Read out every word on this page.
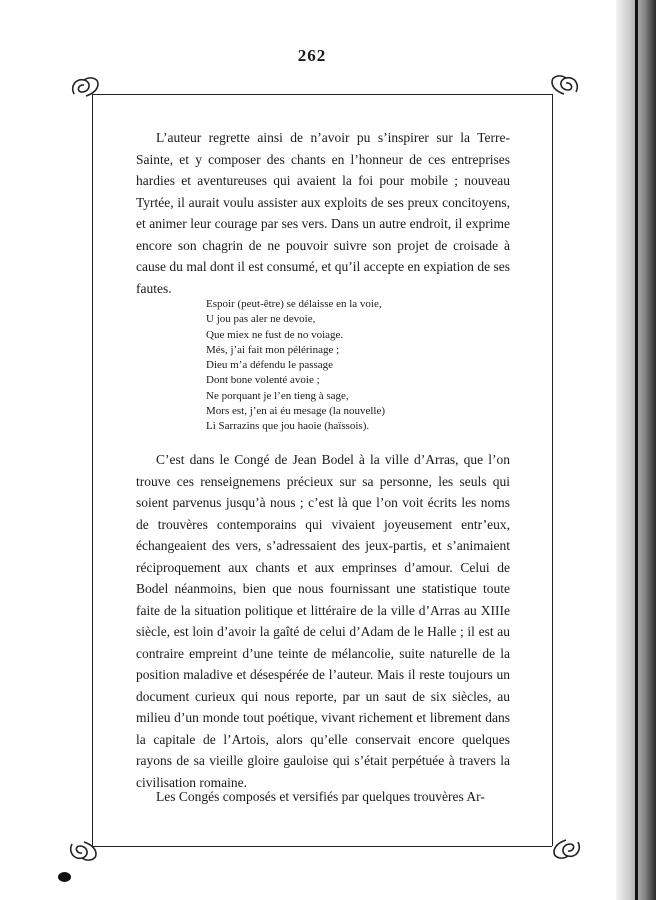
262

L’auteur regrette ainsi de n’avoir pu s’inspirer sur la Terre-Sainte, et y composer des chants en l’honneur de ces entreprises hardies et aventureuses qui avaient la foi pour mobile ; nouveau Tyrtée, il aurait voulu assister aux exploits de ses preux concitoyens, et animer leur courage par ses vers. Dans un autre endroit, il exprime encore son chagrin de ne pouvoir suivre son projet de croisade à cause du mal dont il est consumé, et qu’il accepte en expiation de ses fautes.

Espoir (peut-être) se délaisse en la voie,
U jou pas aler ne devoie,
Que miex ne fust de no voiage.
Més, j’ai fait mon pélérinage ;
Dieu m’a défendu le passage
Dont bone volenté avoie ;
Ne porquant je l’en tieng à sage,
Mors est, j’en ai éu mesage (la nouvelle)
Li Sarrazins que jou haoie (haïssois).

C’est dans le Congé de Jean Bodel à la ville d’Arras, que l’on trouve ces renseignemens précieux sur sa personne, les seuls qui soient parvenus jusqu’à nous ; c’est là que l’on voit écrits les noms de trouvères contemporains qui vivaient joyeusement entr’eux, échangeaient des vers, s’adressaient des jeux-partis, et s’animaient réciproquement aux chants et aux emprinses d’amour. Celui de Bodel néanmoins, bien que nous fournissant une statistique toute faite de la situation politique et littéraire de la ville d’Arras au XIIIe siècle, est loin d’avoir la gaîté de celui d’Adam de le Halle ; il est au contraire empreint d’une teinte de mélancolie, suite naturelle de la position maladive et désespérée de l’auteur. Mais il reste toujours un document curieux qui nous reporte, par un saut de six siècles, au milieu d’un monde tout poétique, vivant richement et librement dans la capitale de l’Artois, alors qu’elle conservait encore quelques rayons de sa vieille gloire gauloise qui s’était perpétuée à travers la civilisation romaine.

Les Congés composés et versifiés par quelques trouvères Ar-
